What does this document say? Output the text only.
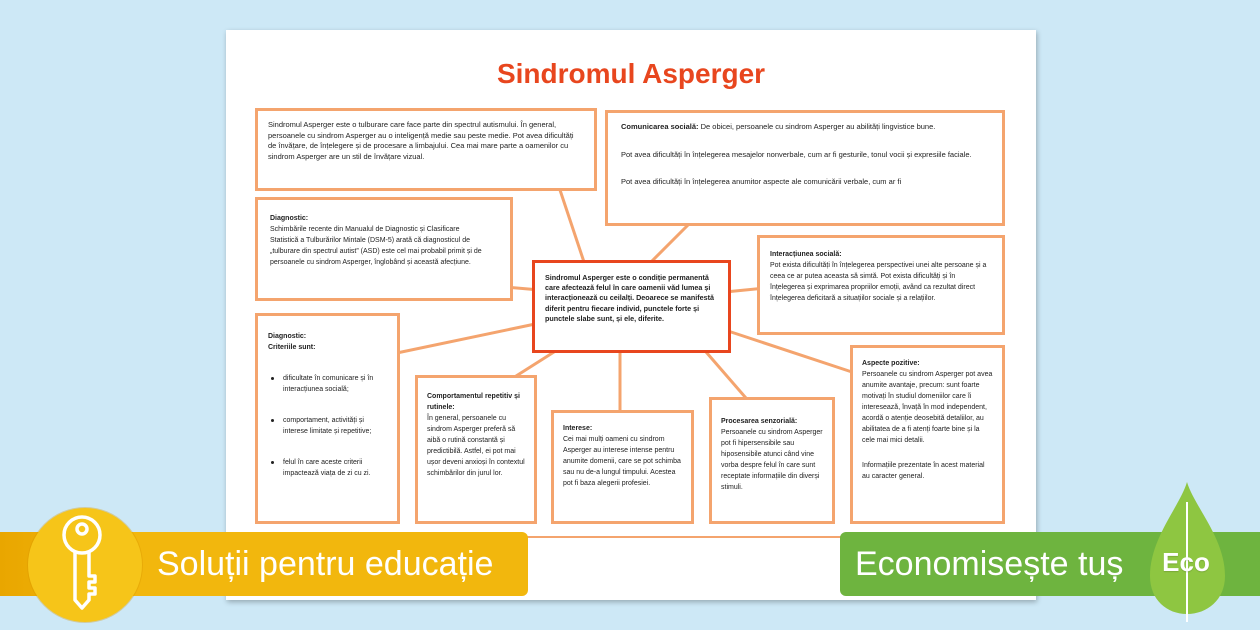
Sindromul Asperger

Sindromul Asperger este o tulburare care face parte din spectrul autismului. În general, persoanele cu sindrom Asperger au o inteligență medie sau peste medie. Pot avea dificultăți de învățare, de înțelegere și de procesare a limbajului. Cea mai mare parte a oamenilor cu sindrom Asperger are un stil de învățare vizual.

Comunicarea socială: De obicei, persoanele cu sindrom Asperger au abilități lingvistice bune.

Pot avea dificultăți în înțelegerea mesajelor nonverbale, cum ar fi gesturile, tonul vocii și expresiile faciale.

Pot avea dificultăți în înțelegerea anumitor aspecte ale comunicării verbale, cum ar fi

Diagnostic:

Schimbările recente din Manualul de Diagnostic și Clasificare Statistică a Tulburărilor Mintale (DSM-5) arată că diagnosticul de „tulburare din spectrul autist” (ASD) este cel mai probabil primit și de persoanele cu sindrom Asperger, înglobând și această afecțiune.

Sindromul Asperger este o condiție permanentă care afectează felul în care oamenii văd lumea și interacționează cu ceilalți. Deoarece se manifestă diferit pentru fiecare individ, punctele forte și punctele slabe sunt, și ele, diferite.

Interacțiunea socială:

Pot exista dificultăți în înțelegerea perspectivei unei alte persoane și a ceea ce ar putea aceasta să simtă. Pot exista dificultăți și în înțelegerea și exprimarea propriilor emoții, având ca rezultat direct înțelegerea deficitară a situațiilor sociale și a relațiilor.

Diagnostic:
Criteriile sunt:
dificultate în comunicare și în interacțiunea socială;
comportament, activități și interese limitate și repetitive;
felul în care aceste criterii impactează viața de zi cu zi.
Comportamentul repetitiv și rutinele:

În general, persoanele cu sindrom Asperger preferă să aibă o rutină constantă și predictibilă. Astfel, ei pot mai ușor deveni anxioși în contextul schimbărilor din jurul lor.

Interese:

Cei mai mulți oameni cu sindrom Asperger au interese intense pentru anumite domenii, care se pot schimba sau nu de-a lungul timpului. Acestea pot fi baza alegerii profesiei.

Procesarea senzorială:

Persoanele cu sindrom Asperger pot fi hipersensibile sau hiposensibile atunci când vine vorba despre felul în care sunt receptate informațiile din diverși stimuli.

Aspecte pozitive:

Persoanele cu sindrom Asperger pot avea anumite avantaje, precum: sunt foarte motivați în studiul domeniilor care îi interesează, învață în mod independent, acordă o atenție deosebită detaliilor, au abilitatea de a fi atenți foarte bine și la cele mai mici detalii.

Informațiile prezentate în acest material au caracter general.

Soluții pentru educație	Economisește tuș Eco
